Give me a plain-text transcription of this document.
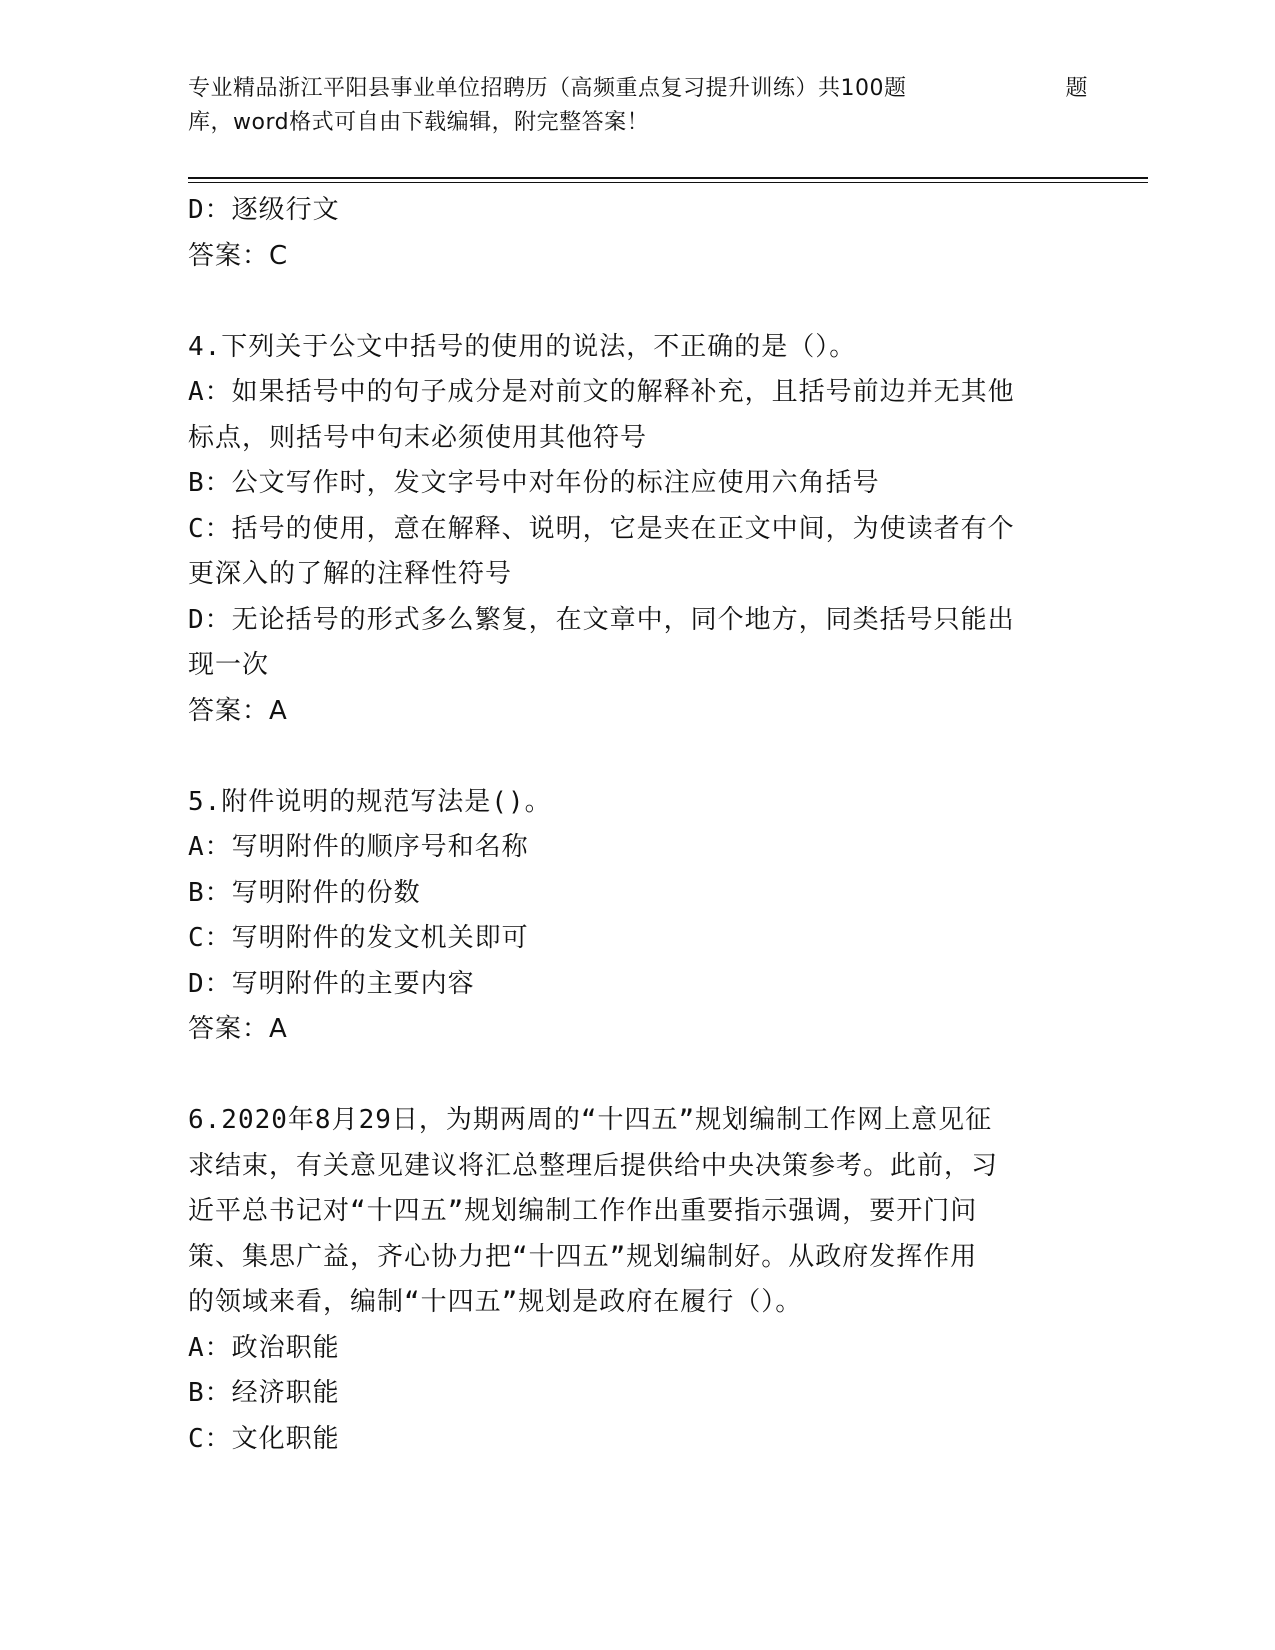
专业精品浙江平阳县事业单位招聘历（高频重点复习提升训练）共100题	题
库，word格式可自由下载编辑，附完整答案！
D：逐级行文
答案：C
4.下列关于公文中括号的使用的说法，不正确的是（）。
A：如果括号中的句子成分是对前文的解释补充，且括号前边并无其他
标点，则括号中句末必须使用其他符号
B：公文写作时，发文字号中对年份的标注应使用六角括号
C：括号的使用，意在解释、说明，它是夹在正文中间，为使读者有个
更深入的了解的注释性符号
D：无论括号的形式多么繁复，在文章中，同个地方，同类括号只能出
现一次
答案：A
5.附件说明的规范写法是()。
A：写明附件的顺序号和名称
B：写明附件的份数
C：写明附件的发文机关即可
D：写明附件的主要内容
答案：A
6.2020年8月29日，为期两周的“十四五”规划编制工作网上意见征
求结束，有关意见建议将汇总整理后提供给中央决策参考。此前，习
近平总书记对“十四五”规划编制工作作出重要指示强调，要开门问
策、集思广益，齐心协力把“十四五”规划编制好。从政府发挥作用
的领域来看，编制“十四五”规划是政府在履行（）。
A：政治职能
B：经济职能
C：文化职能
